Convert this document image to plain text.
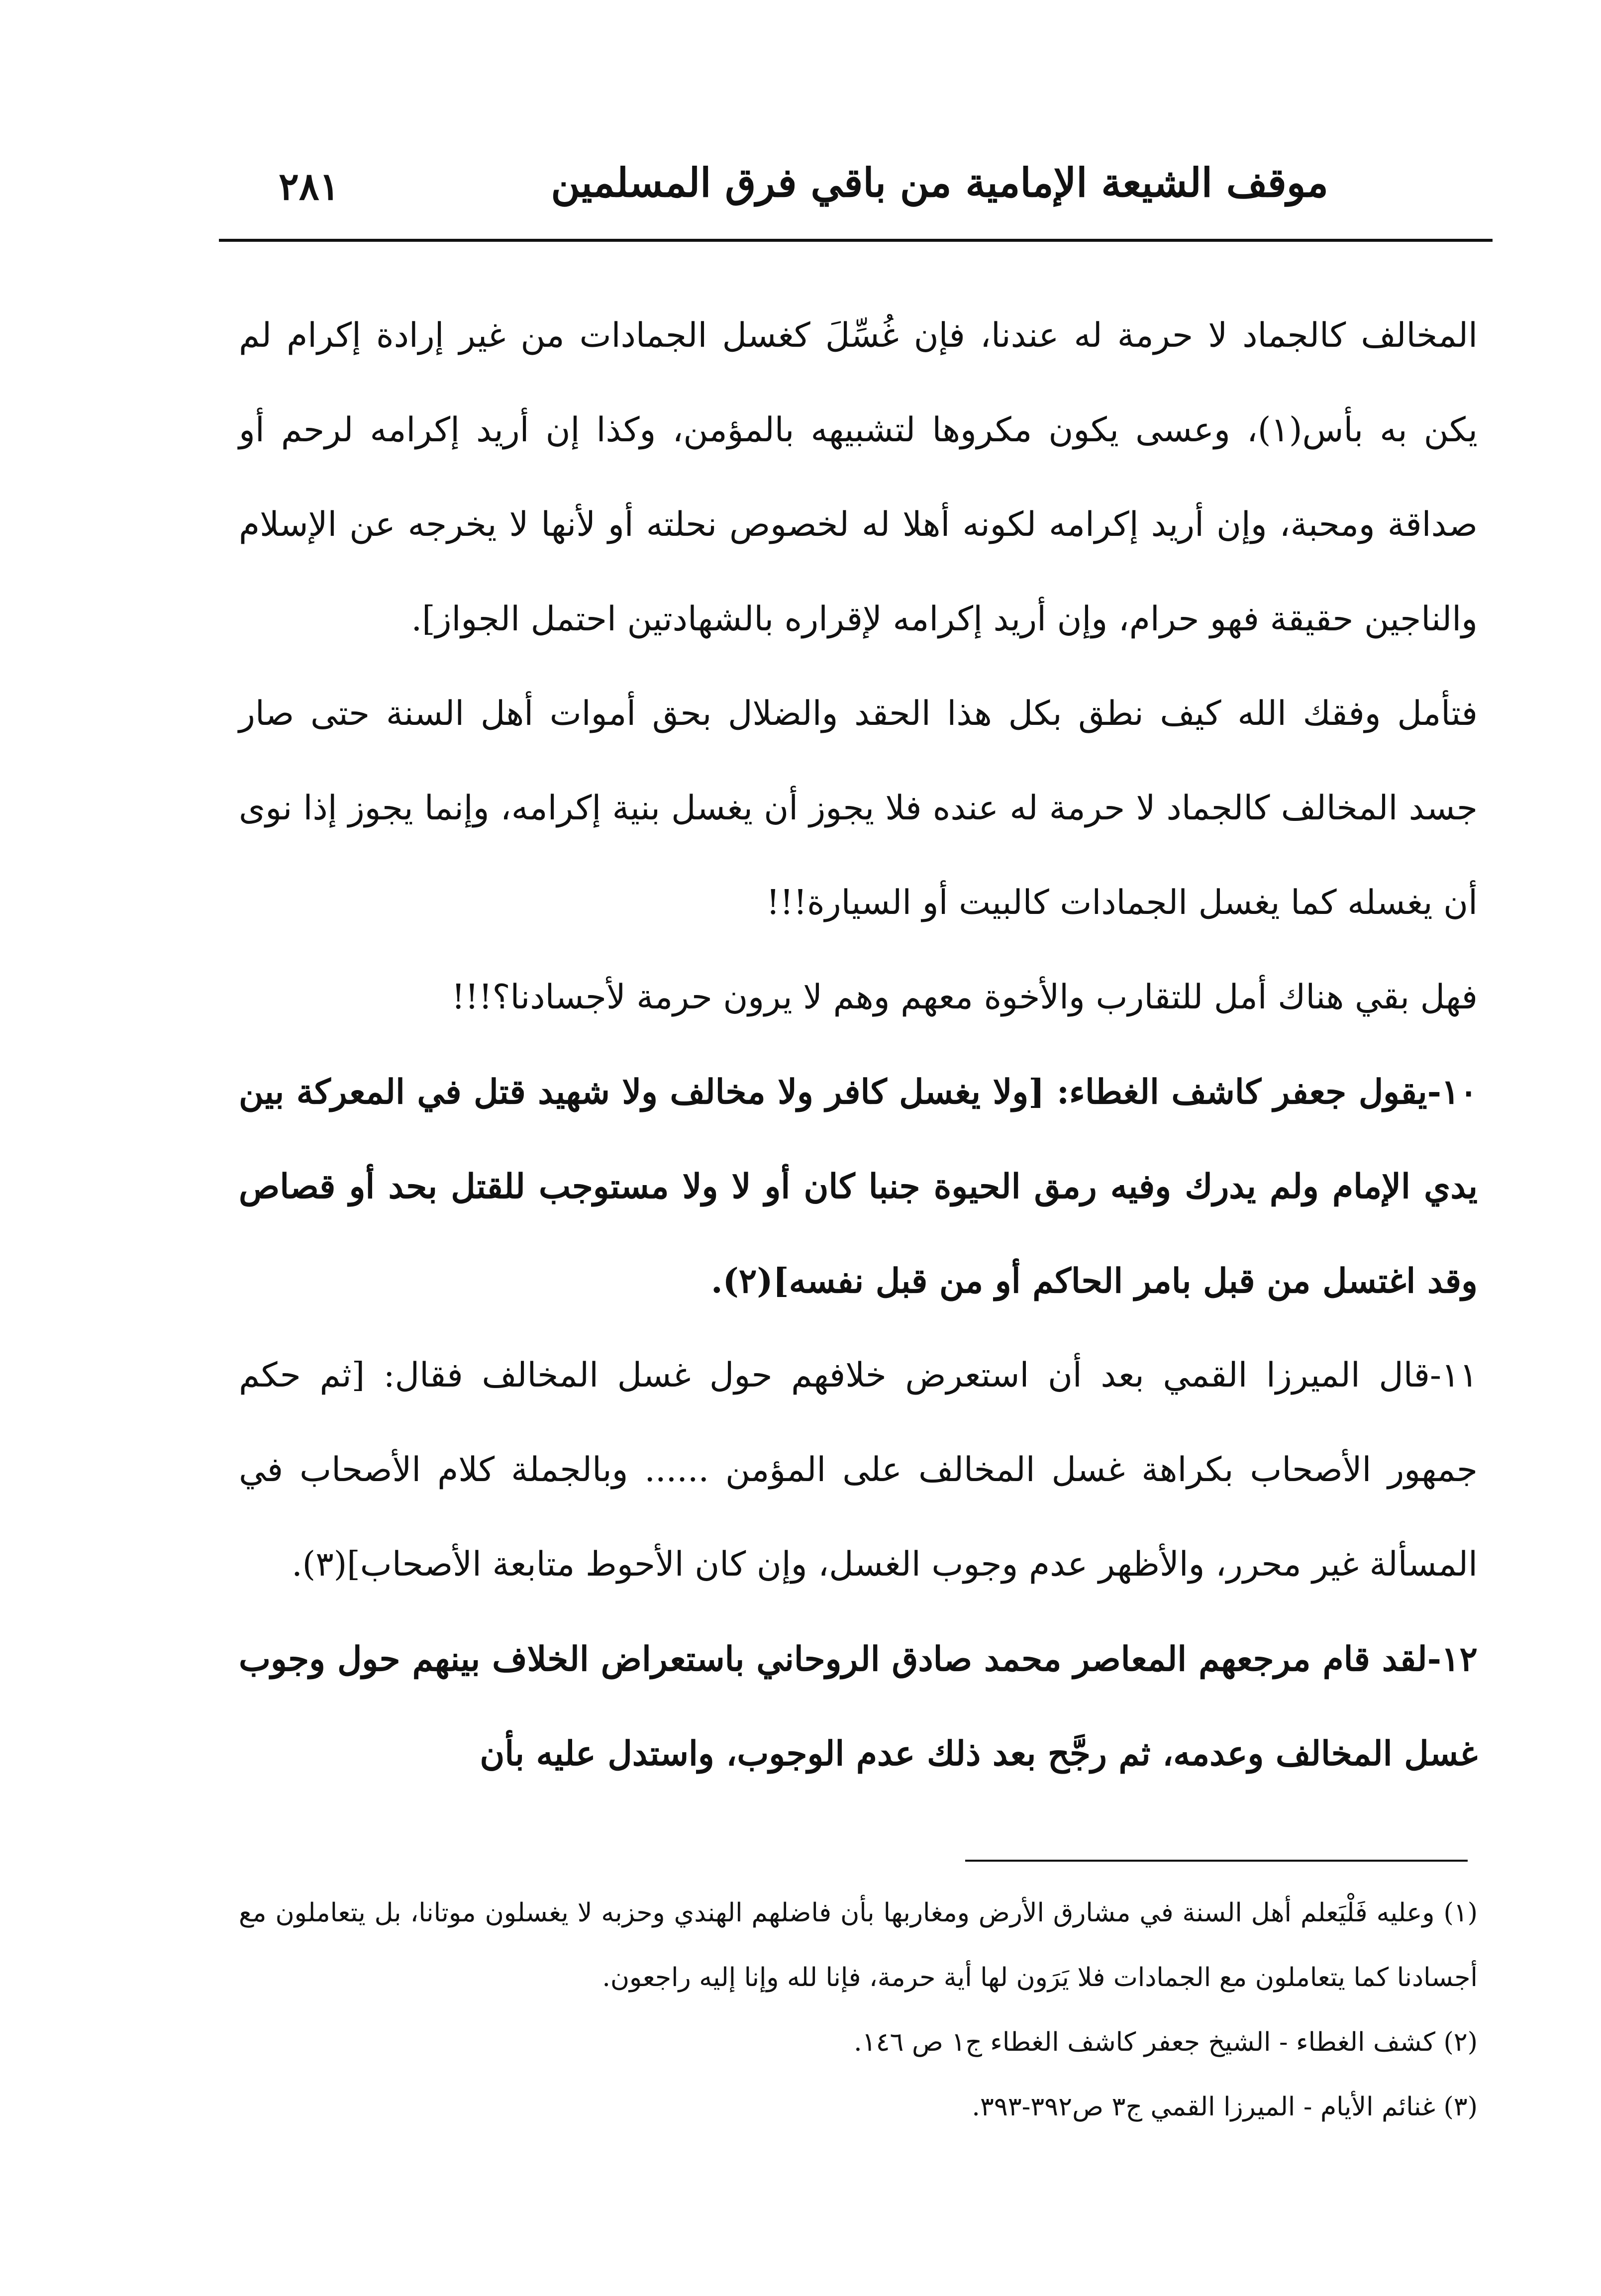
٢٨١	موقف الشيعة الإمامية من باقي فرق المسلمين

المخالف كالجماد لا حرمة له عندنا، فإن غُسِّلَ كغسل الجمادات من غير إرادة إكرام لم يكن به بأس(١)، وعسى يكون مكروها لتشبيهه بالمؤمن، وكذا إن أريد إكرامه لرحم أو صداقة ومحبة، وإن أريد إكرامه لكونه أهلا له لخصوص نحلته أو لأنها لا يخرجه عن الإسلام والناجين حقيقة فهو حرام، وإن أريد إكرامه لإقراره بالشهادتين احتمل الجواز].

فتأمل وفقك الله كيف نطق بكل هذا الحقد والضلال بحق أموات أهل السنة حتى صار جسد المخالف كالجماد لا حرمة له عنده فلا يجوز أن يغسل بنية إكرامه، وإنما يجوز إذا نوى أن يغسله كما يغسل الجمادات كالبيت أو السيارة!!!

فهل بقي هناك أمل للتقارب والأخوة معهم وهم لا يرون حرمة لأجسادنا؟!!!

١٠-يقول جعفر كاشف الغطاء: [ولا يغسل كافر ولا مخالف ولا شهيد قتل في المعركة بين يدي الإمام ولم يدرك وفيه رمق الحيوة جنبا كان أو لا ولا مستوجب للقتل بحد أو قصاص وقد اغتسل من قبل بامر الحاكم أو من قبل نفسه](٢).

١١-قال الميرزا القمي بعد أن استعرض خلافهم حول غسل المخالف فقال: [ثم حكم جمهور الأصحاب بكراهة غسل المخالف على المؤمن ...... وبالجملة كلام الأصحاب في المسألة غير محرر، والأظهر عدم وجوب الغسل، وإن كان الأحوط متابعة الأصحاب](٣).

١٢-لقد قام مرجعهم المعاصر محمد صادق الروحاني باستعراض الخلاف بينهم حول وجوب غسل المخالف وعدمه، ثم رجَّح بعد ذلك عدم الوجوب، واستدل عليه بأن

(١) وعليه فَلْيَعلم أهل السنة في مشارق الأرض ومغاربها بأن فاضلهم الهندي وحزبه لا يغسلون موتانا، بل يتعاملون مع أجسادنا كما يتعاملون مع الجمادات فلا يَرَون لها أية حرمة، فإنا لله وإنا إليه راجعون.

(٢) كشف الغطاء - الشيخ جعفر كاشف الغطاء ج١ ص ١٤٦.

(٣) غنائم الأيام - الميرزا القمي ج٣ ص٣٩٢-٣٩٣.
